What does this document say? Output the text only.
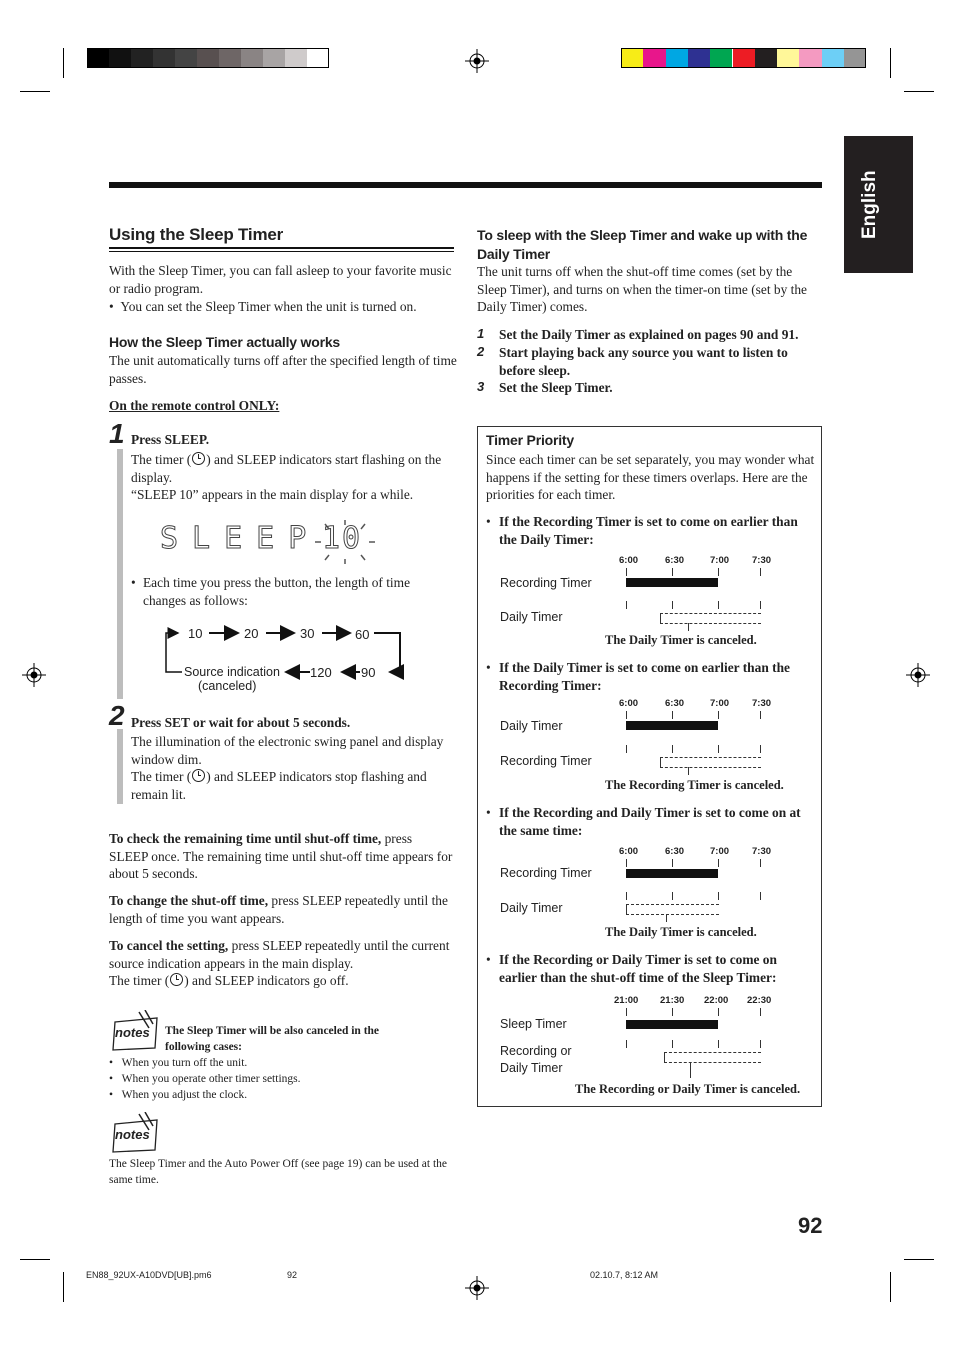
English
Using the Sleep Timer

With the Sleep Timer, you can fall asleep to your favorite music or radio program.

•  You can set the Sleep Timer when the unit is turned on.
How the Sleep Timer actually works

The unit automatically turns off after the specified length of time passes.

On the remote control ONLY:
1 Press SLEEP.
The timer ( ) and SLEEP indicators start flashing on the display.
“SLEEP 10” appears in the main display for a while.
SLEEP 10
• Each time you press the button, the length of time changes as follows:
10	20	30	60
90
120
Source indication
(canceled)
2 Press SET or wait for about 5 seconds.

The illumination of the electronic swing panel and display window dim.

The timer ( ) and SLEEP indicators stop flashing and remain lit.

To check the remaining time until shut-off time, press SLEEP once. The remaining time until shut-off time appears for about 5 seconds.

To change the shut-off time, press SLEEP repeatedly until the length of time you want appears.

To cancel the setting, press SLEEP repeatedly until the current source indication appears in the main display.

The timer ( ) and SLEEP indicators go off.
notes The Sleep Timer will be also canceled in the following cases:
•   When you turn off the unit.
•   When you operate other timer settings.
•   When you adjust the clock.
notes
The Sleep Timer and the Auto Power Off (see page 19) can be used at the same time.
To sleep with the Sleep Timer and wake up with the Daily Timer

The unit turns off when the shut-off time comes (set by the Sleep Timer), and turns on when the timer-on time (set by the Daily Timer) comes.

1 Set the Daily Timer as explained on pages 90 and 91.
2 Start playing back any source you want to listen to before sleep.
3 Set the Sleep Timer.
Timer Priority

Since each timer can be set separately, you may wonder what happens if the setting for these timers overlaps. Here are the priorities for each timer.

• If the Recording Timer is set to come on earlier than the Daily Timer:
6:00	6:30	7:00 7:30
Recording Timer
Daily Timer
The Daily Timer is canceled.
• If the Daily Timer is set to come on earlier than the Recording Timer:
6:00	6:30	7:00 7:30
Daily Timer
Recording Timer
The Recording Timer is canceled.
• If the Recording and Daily Timer is set to come on at the same time:
6:00	6:30	7:00 7:30
Recording Timer
Daily Timer
The Daily Timer is canceled.
• If the Recording or Daily Timer is set to come on earlier than the shut-off time of the Sleep Timer:
21:00 21:30 22:00 22:30
Sleep Timer
Recording or
Daily Timer
The Recording or Daily Timer is canceled.
92
EN88_92UX-A10DVD[UB].pm6	92	02.10.7, 8:12 AM
